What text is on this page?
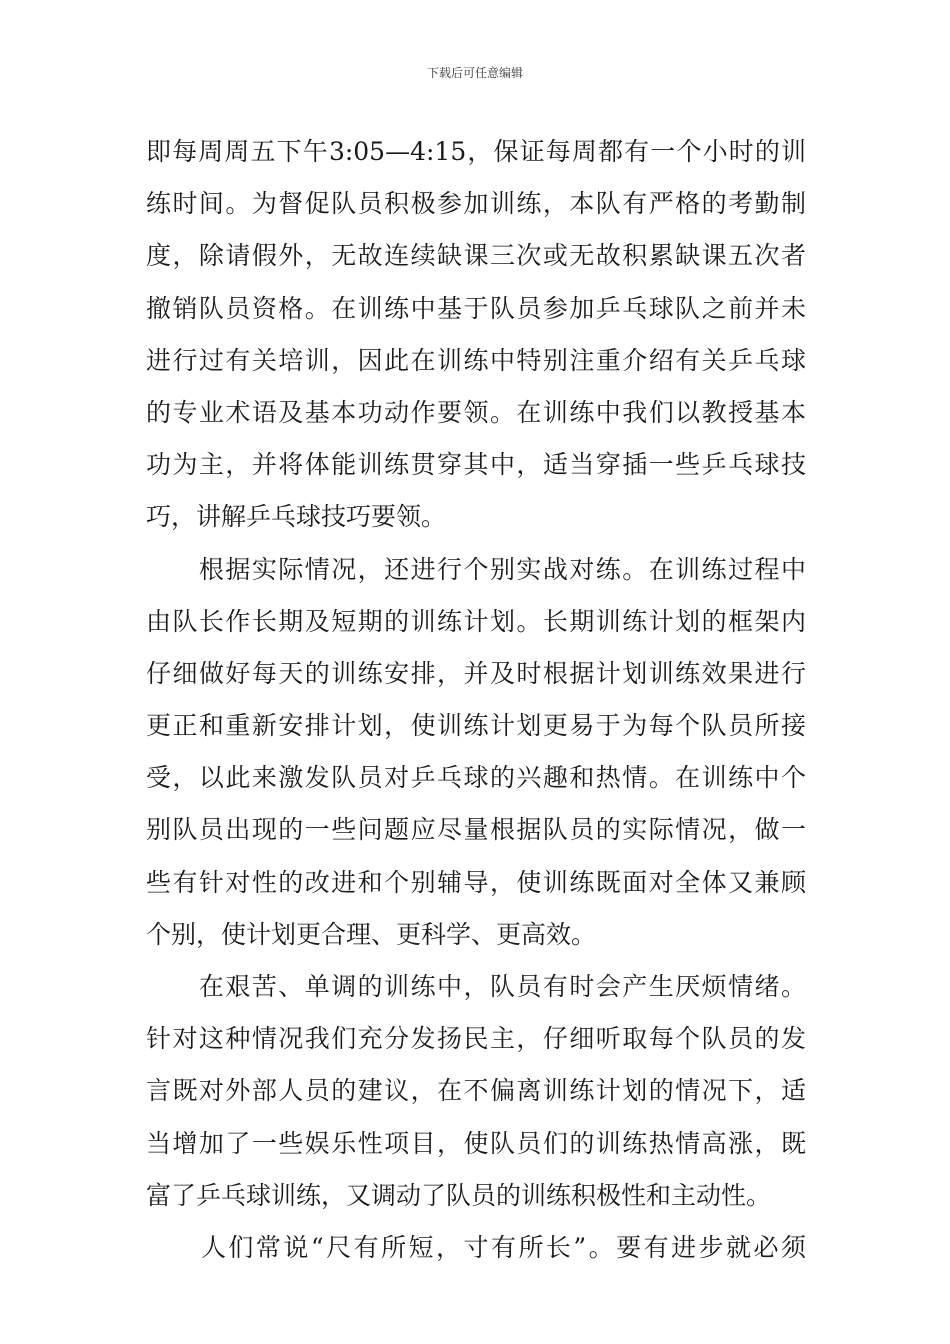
下载后可任意编辑
即每周周五下午3:05—4:15，保证每周都有一个小时的训
练时间。为督促队员积极参加训练，本队有严格的考勤制
度，除请假外，无故连续缺课三次或无故积累缺课五次者
撤销队员资格。在训练中基于队员参加乒乓球队之前并未
进行过有关培训，因此在训练中特别注重介绍有关乒乓球
的专业术语及基本功动作要领。在训练中我们以教授基本
功为主，并将体能训练贯穿其中，适当穿插一些乒乓球技
巧，讲解乒乓球技巧要领。
　　根据实际情况，还进行个别实战对练。在训练过程中
由队长作长期及短期的训练计划。长期训练计划的框架内
仔细做好每天的训练安排，并及时根据计划训练效果进行
更正和重新安排计划，使训练计划更易于为每个队员所接
受，以此来激发队员对乒乓球的兴趣和热情。在训练中个
别队员出现的一些问题应尽量根据队员的实际情况，做一
些有针对性的改进和个别辅导，使训练既面对全体又兼顾
个别，使计划更合理、更科学、更高效。
　　在艰苦、单调的训练中，队员有时会产生厌烦情绪。
针对这种情况我们充分发扬民主，仔细听取每个队员的发
言既对外部人员的建议，在不偏离训练计划的情况下，适
当增加了一些娱乐性项目，使队员们的训练热情高涨，既
富了乒乓球训练，又调动了队员的训练积极性和主动性。
　　人们常说“尺有所短，寸有所长”。要有进步就必须
